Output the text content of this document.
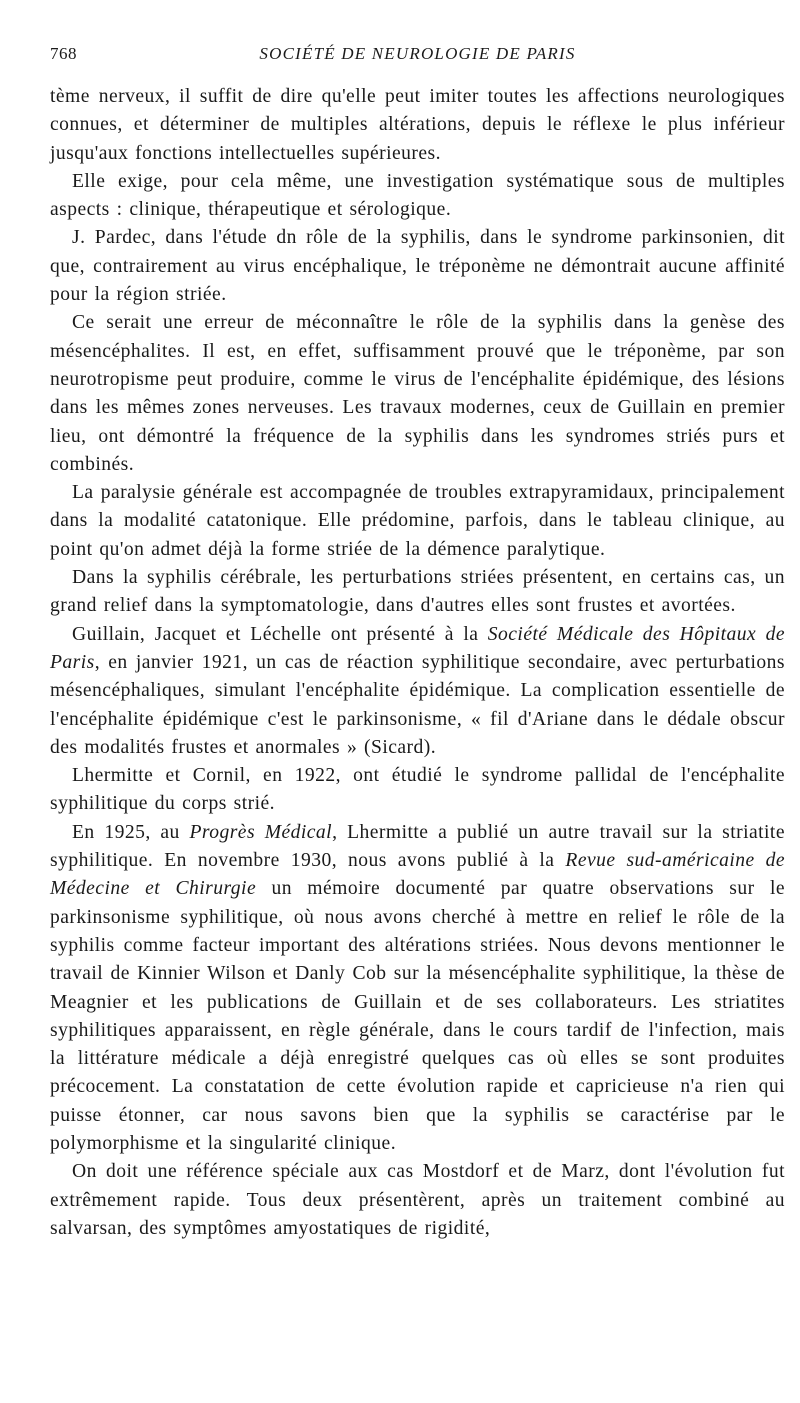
768	SOCIÉTÉ DE NEUROLOGIE DE PARIS

tème nerveux, il suffit de dire qu'elle peut imiter toutes les affections neurologiques connues, et déterminer de multiples altérations, depuis le réflexe le plus inférieur jusqu'aux fonctions intellectuelles supérieures.

Elle exige, pour cela même, une investigation systématique sous de multiples aspects : clinique, thérapeutique et sérologique.

J. Pardec, dans l'étude dn rôle de la syphilis, dans le syndrome parkinsonien, dit que, contrairement au virus encéphalique, le tréponème ne démontrait aucune affinité pour la région striée.

Ce serait une erreur de méconnaître le rôle de la syphilis dans la genèse des mésencéphalites. Il est, en effet, suffisamment prouvé que le tréponème, par son neurotropisme peut produire, comme le virus de l'encéphalite épidémique, des lésions dans les mêmes zones nerveuses. Les travaux modernes, ceux de Guillain en premier lieu, ont démontré la fréquence de la syphilis dans les syndromes striés purs et combinés.

La paralysie générale est accompagnée de troubles extrapyramidaux, principalement dans la modalité catatonique. Elle prédomine, parfois, dans le tableau clinique, au point qu'on admet déjà la forme striée de la démence paralytique.

Dans la syphilis cérébrale, les perturbations striées présentent, en certains cas, un grand relief dans la symptomatologie, dans d'autres elles sont frustes et avortées.

Guillain, Jacquet et Léchelle ont présenté à la Société Médicale des Hôpitaux de Paris, en janvier 1921, un cas de réaction syphilitique secondaire, avec perturbations mésencéphaliques, simulant l'encéphalite épidémique. La complication essentielle de l'encéphalite épidémique c'est le parkinsonisme, « fil d'Ariane dans le dédale obscur des modalités frustes et anormales » (Sicard).

Lhermitte et Cornil, en 1922, ont étudié le syndrome pallidal de l'encéphalite syphilitique du corps strié.

En 1925, au Progrès Médical, Lhermitte a publié un autre travail sur la striatite syphilitique. En novembre 1930, nous avons publié à la Revue sud-américaine de Médecine et Chirurgie un mémoire documenté par quatre observations sur le parkinsonisme syphilitique, où nous avons cherché à mettre en relief le rôle de la syphilis comme facteur important des altérations striées. Nous devons mentionner le travail de Kinnier Wilson et Danly Cob sur la mésencéphalite syphilitique, la thèse de Meagnier et les publications de Guillain et de ses collaborateurs. Les striatites syphilitiques apparaissent, en règle générale, dans le cours tardif de l'infection, mais la littérature médicale a déjà enregistré quelques cas où elles se sont produites précocement. La constatation de cette évolution rapide et capricieuse n'a rien qui puisse étonner, car nous savons bien que la syphilis se caractérise par le polymorphisme et la singularité clinique.

On doit une référence spéciale aux cas Mostdorf et de Marz, dont l'évolution fut extrêmement rapide. Tous deux présentèrent, après un traitement combiné au salvarsan, des symptômes amyostatiques de rigidité,
